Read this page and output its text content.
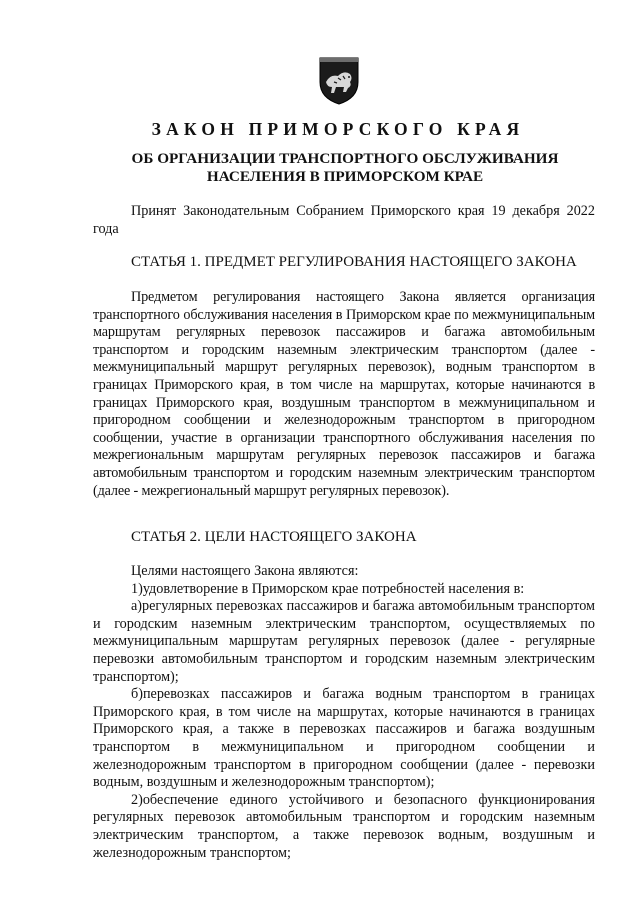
ЗАКОН ПРИМОРСКОГО КРАЯ
ОБ ОРГАНИЗАЦИИ ТРАНСПОРТНОГО ОБСЛУЖИВАНИЯ
НАСЕЛЕНИЯ В ПРИМОРСКОМ КРАЕ
Принят Законодательным Собранием Приморского края 19 декабря 2022 года
СТАТЬЯ 1. ПРЕДМЕТ РЕГУЛИРОВАНИЯ НАСТОЯЩЕГО ЗАКОНА
Предметом регулирования настоящего Закона является организация транспортного обслуживания населения в Приморском крае по межмуниципальным маршрутам регулярных перевозок пассажиров и багажа автомобильным транспортом и городским наземным электрическим транспортом (далее - межмуниципальный маршрут регулярных перевозок), водным транспортом в границах Приморского края, в том числе на маршрутах, которые начинаются в границах Приморского края, воздушным транспортом в межмуниципальном и пригородном сообщении и железнодорожным транспортом в пригородном сообщении, участие в организации транспортного обслуживания населения по межрегиональным маршрутам регулярных перевозок пассажиров и багажа автомобильным транспортом и городским наземным электрическим транспортом (далее - межрегиональный маршрут регулярных перевозок).
СТАТЬЯ 2. ЦЕЛИ НАСТОЯЩЕГО ЗАКОНА

Целями настоящего Закона являются:

1)удовлетворение в Приморском крае потребностей населения в:

а)регулярных перевозках пассажиров и багажа автомобильным транспортом и городским наземным электрическим транспортом, осуществляемых по межмуниципальным маршрутам регулярных перевозок (далее - регулярные перевозки автомобильным транспортом и городским наземным электрическим транспортом);

б)перевозках пассажиров и багажа водным транспортом в границах Приморского края, в том числе на маршрутах, которые начинаются в границах Приморского края, а также в перевозках пассажиров и багажа воздушным транспортом в межмуниципальном и пригородном сообщении и железнодорожным транспортом в пригородном сообщении (далее - перевозки водным, воздушным и железнодорожным транспортом);

2)обеспечение единого устойчивого и безопасного функционирования регулярных перевозок автомобильным транспортом и городским наземным электрическим транспортом, а также перевозок водным, воздушным и железнодорожным транспортом;
